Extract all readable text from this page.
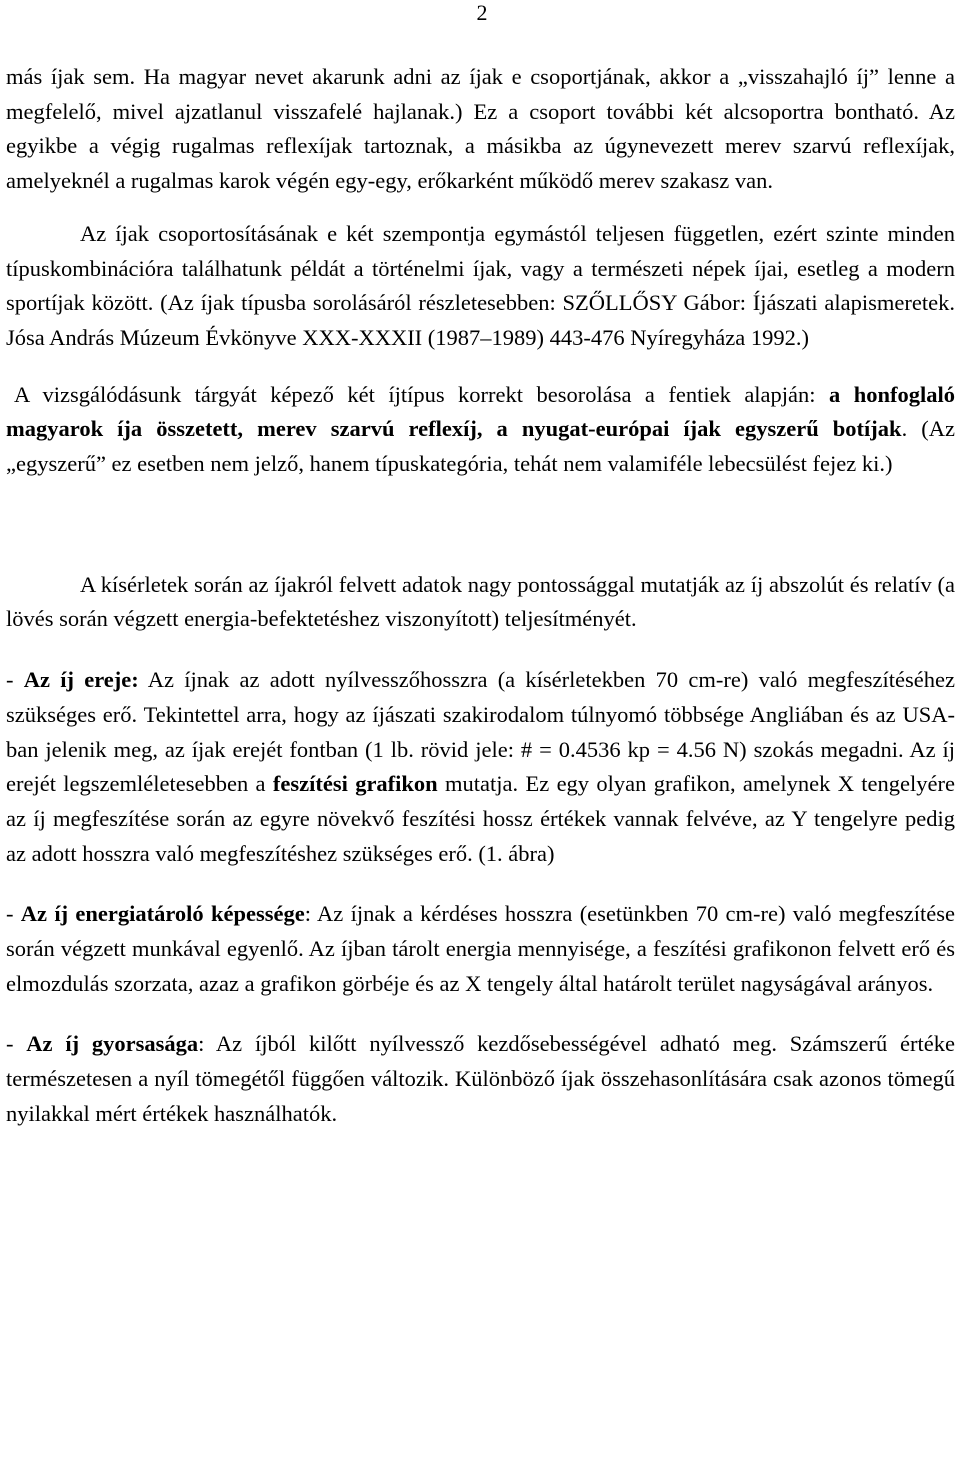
2

más íjak sem. Ha magyar nevet akarunk adni az íjak e csoportjának, akkor a „visszahajló íj” lenne a megfelelő, mivel ajzatlanul visszafelé hajlanak.) Ez a csoport további két alcsoportra bontható. Az egyikbe a végig rugalmas reflexíjak tartoznak, a másikba az úgynevezett merev szarvú reflexíjak, amelyeknél a rugalmas karok végén egy-egy, erőkarként működő merev szakasz van.

Az íjak csoportosításának e két szempontja egymástól teljesen független, ezért szinte minden típuskombinációra találhatunk példát a történelmi íjak, vagy a természeti népek íjai, esetleg a modern sportíjak között. (Az íjak típusba sorolásáról részletesebben: SZŐLLŐSY Gábor: Íjászati alapismeretek. Jósa András Múzeum Évkönyve XXX-XXXII (1987–1989) 443-476 Nyíregyháza 1992.)

A vizsgálódásunk tárgyát képező két íjtípus korrekt besorolása a fentiek alapján: a honfoglaló magyarok íja összetett, merev szarvú reflexíj, a nyugat-európai íjak egyszerű botíjak. (Az „egyszerű” ez esetben nem jelző, hanem típuskategória, tehát nem valamiféle lebecsülést fejez ki.)

A kísérletek során az íjakról felvett adatok nagy pontossággal mutatják az íj abszolút és relatív (a lövés során végzett energia-befektetéshez viszonyított) teljesítményét.

- Az íj ereje: Az íjnak az adott nyílvesszőhosszra (a kísérletekben 70 cm-re) való megfeszítéséhez szükséges erő. Tekintettel arra, hogy az íjászati szakirodalom túlnyomó többsége Angliában és az USA-ban jelenik meg, az íjak erejét fontban (1 lb. rövid jele: # = 0.4536 kp = 4.56 N) szokás megadni. Az íj erejét legszemléletesebben a feszítési grafikon mutatja. Ez egy olyan grafikon, amelynek X tengelyére az íj megfeszítése során az egyre növekvő feszítési hossz értékek vannak felvéve, az Y tengelyre pedig az adott hosszra való megfeszítéshez szükséges erő. (1. ábra)

- Az íj energiatároló képessége: Az íjnak a kérdéses hosszra (esetünkben 70 cm-re) való megfeszítése során végzett munkával egyenlő. Az íjban tárolt energia mennyisége, a feszítési grafikonon felvett erő és elmozdulás szorzata, azaz a grafikon görbéje és az X tengely által határolt terület nagyságával arányos.

- Az íj gyorsasága: Az íjból kilőtt nyílvessző kezdősebességével adható meg. Számszerű értéke természetesen a nyíl tömegétől függően változik. Különböző íjak összehasonlítására csak azonos tömegű nyilakkal mért értékek használhatók.
